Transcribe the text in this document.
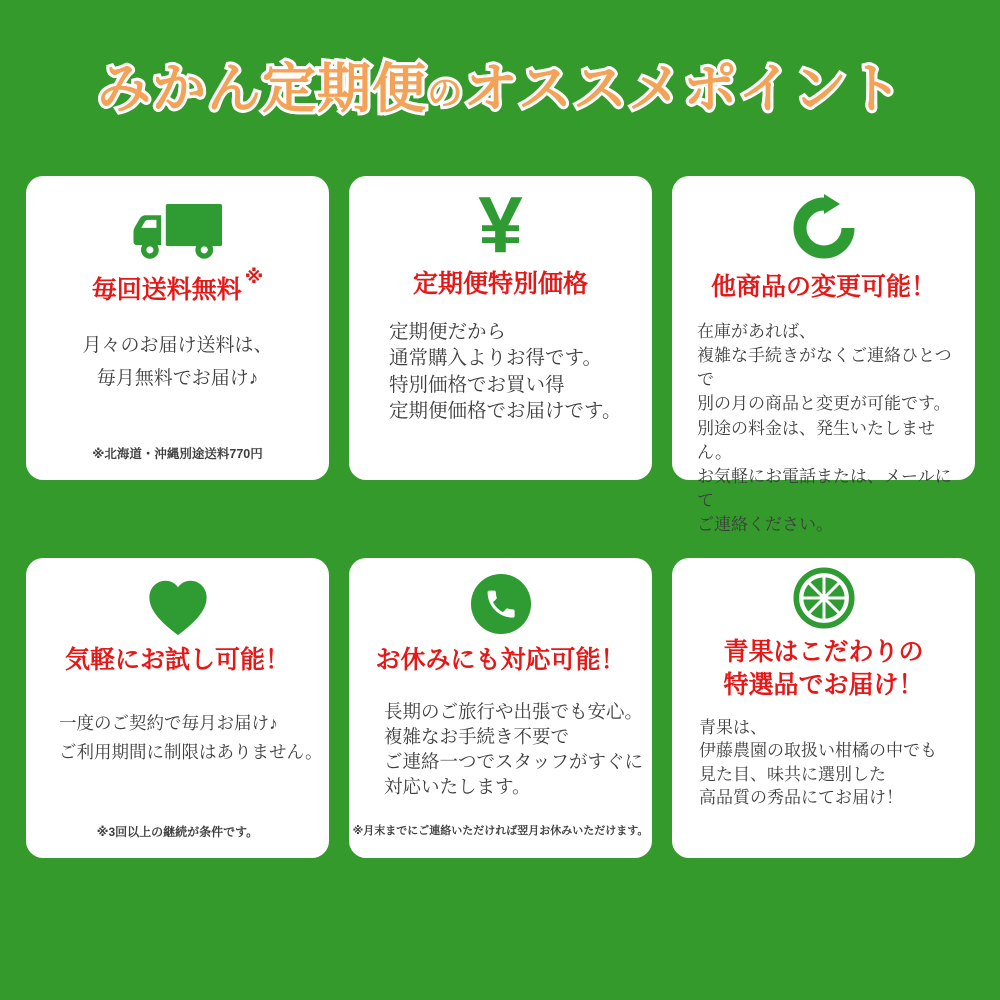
みかん定期便のオススメポイント
毎回送料無料 ※
月々のお届け送料は、
毎月無料でお届け♪
※北海道・沖縄別途送料770円
¥
定期便特別価格
定期便だから
通常購入よりお得です。
特別価格でお買い得
定期便価格でお届けです。
他商品の変更可能！
在庫があれば、
複雑な手続きがなくご連絡ひとつで
別の月の商品と変更が可能です。
別途の料金は、発生いたしません。
お気軽にお電話または、メールにて
ご連絡ください。
気軽にお試し可能！
一度のご契約で毎月お届け♪
ご利用期間に制限はありません。
※3回以上の継続が条件です。
お休みにも対応可能！
長期のご旅行や出張でも安心。
複雑なお手続き不要で
ご連絡一つでスタッフがすぐに
対応いたします。
※月末までにご連絡いただければ翌月お休みいただけます。
青果はこだわりの
特選品でお届け！
青果は、
伊藤農園の取扱い柑橘の中でも
見た目、味共に選別した
高品質の秀品にてお届け！
